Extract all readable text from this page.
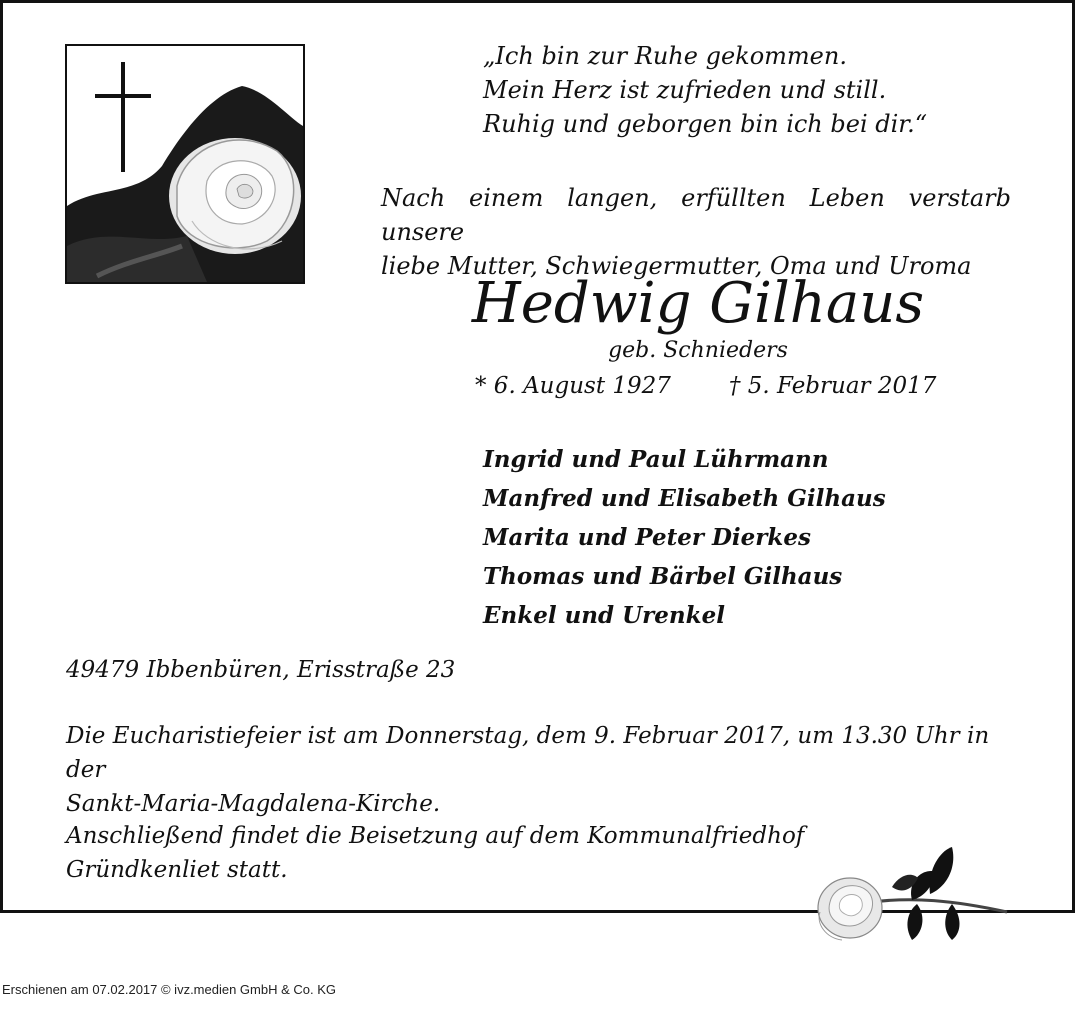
„Ich bin zur Ruhe gekommen.
Mein Herz ist zufrieden und still.
Ruhig und geborgen bin ich bei dir.“
Nach einem langen, erfüllten Leben verstarb unsere
liebe Mutter, Schwiegermutter, Oma und Uroma
Hedwig Gilhaus
geb. Schnieders
* 6. August 1927	† 5. Februar 2017
Ingrid und Paul Lührmann
Manfred und Elisabeth Gilhaus
Marita und Peter Dierkes
Thomas und Bärbel Gilhaus
Enkel und Urenkel
49479 Ibbenbüren, Erisstraße 23
Die Eucharistiefeier ist am Donnerstag, dem 9. Februar 2017, um 13.30 Uhr in der
Sankt-Maria-Magdalena-Kirche.
Anschließend findet die Beisetzung auf dem Kommunalfriedhof
Gründkenliet statt.
Erschienen am 07.02.2017 © ivz.medien GmbH & Co. KG
